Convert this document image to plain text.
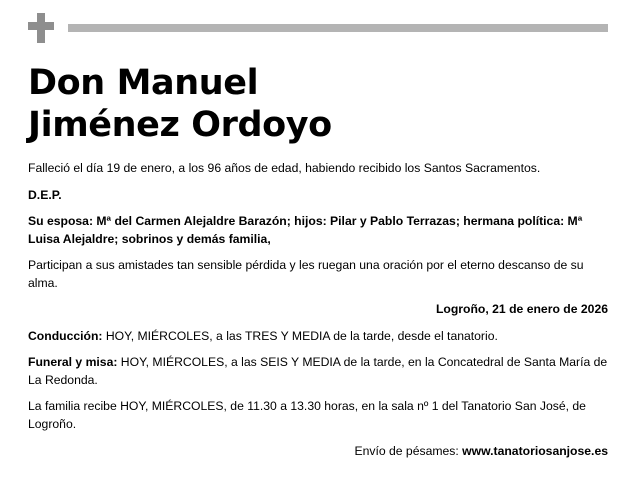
Don Manuel
Jiménez Ordoyo

Falleció el día 19 de enero, a los 96 años de edad, habiendo recibido los Santos Sacramentos.

D.E.P.

Su esposa: Mª del Carmen Alejaldre Barazón; hijos: Pilar y Pablo Terrazas; hermana política: Mª Luisa Alejaldre; sobrinos y demás familia,

Participan a sus amistades tan sensible pérdida y les ruegan una oración por el eterno descanso de su alma.

Logroño, 21 de enero de 2026

Conducción: HOY, MIÉRCOLES, a las TRES Y MEDIA de la tarde, desde el tanatorio.

Funeral y misa: HOY, MIÉRCOLES, a las SEIS Y MEDIA de la tarde, en la Concatedral de Santa María de La Redonda.

La familia recibe HOY, MIÉRCOLES, de 11.30 a 13.30 horas, en la sala nº 1 del Tanatorio San José, de Logroño.

Envío de pésames: www.tanatoriosanjose.es
